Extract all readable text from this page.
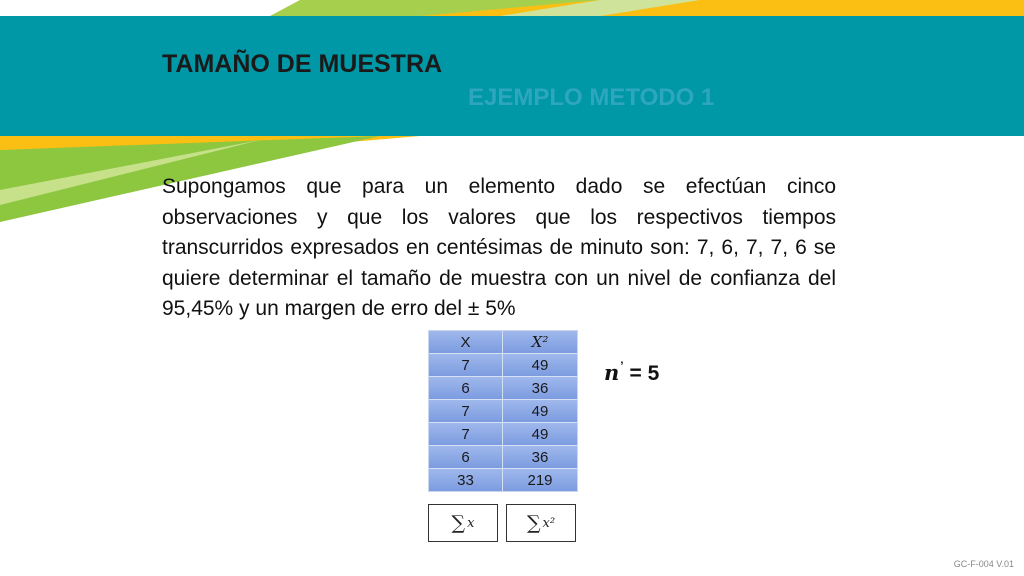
TAMAÑO DE MUESTRA
EJEMPLO METODO 1

Supongamos que para un elemento dado se efectúan cinco observaciones y que los valores que los respectivos tiempos transcurridos expresados en centésimas de minuto son: 7, 6, 7, 7, 6 se quiere determinar el tamaño de muestra con un nivel de confianza del 95,45% y un margen de erro del ± 5%

X	X²
7	49
6	36
7	49
7	49
6	36
33	219
∑ x	∑ x²
n’ = 5
GC-F-004 V.01
